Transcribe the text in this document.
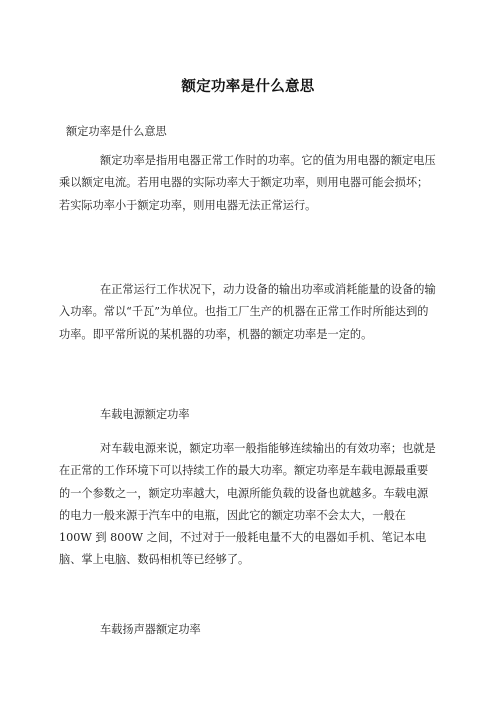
额定功率是什么意思
额定功率是什么意思
额定功率是指用电器正常工作时的功率。它的值为用电器的额定电压
乘以额定电流。若用电器的实际功率大于额定功率，则用电器可能会损坏；
若实际功率小于额定功率，则用电器无法正常运行。
在正常运行工作状况下，动力设备的输出功率或消耗能量的设备的输
入功率。常以“千瓦”为单位。也指工厂生产的机器在正常工作时所能达到的
功率。即平常所说的某机器的功率，机器的额定功率是一定的。
车载电源额定功率
对车载电源来说，额定功率一般指能够连续输出的有效功率；也就是
在正常的工作环境下可以持续工作的最大功率。额定功率是车载电源最重要
的一个参数之一，额定功率越大，电源所能负载的设备也就越多。车载电源
的电力一般来源于汽车中的电瓶，因此它的额定功率不会太大，一般在
100W 到 800W 之间，不过对于一般耗电量不大的电器如手机、笔记本电
脑、掌上电脑、数码相机等已经够了。
车载扬声器额定功率
